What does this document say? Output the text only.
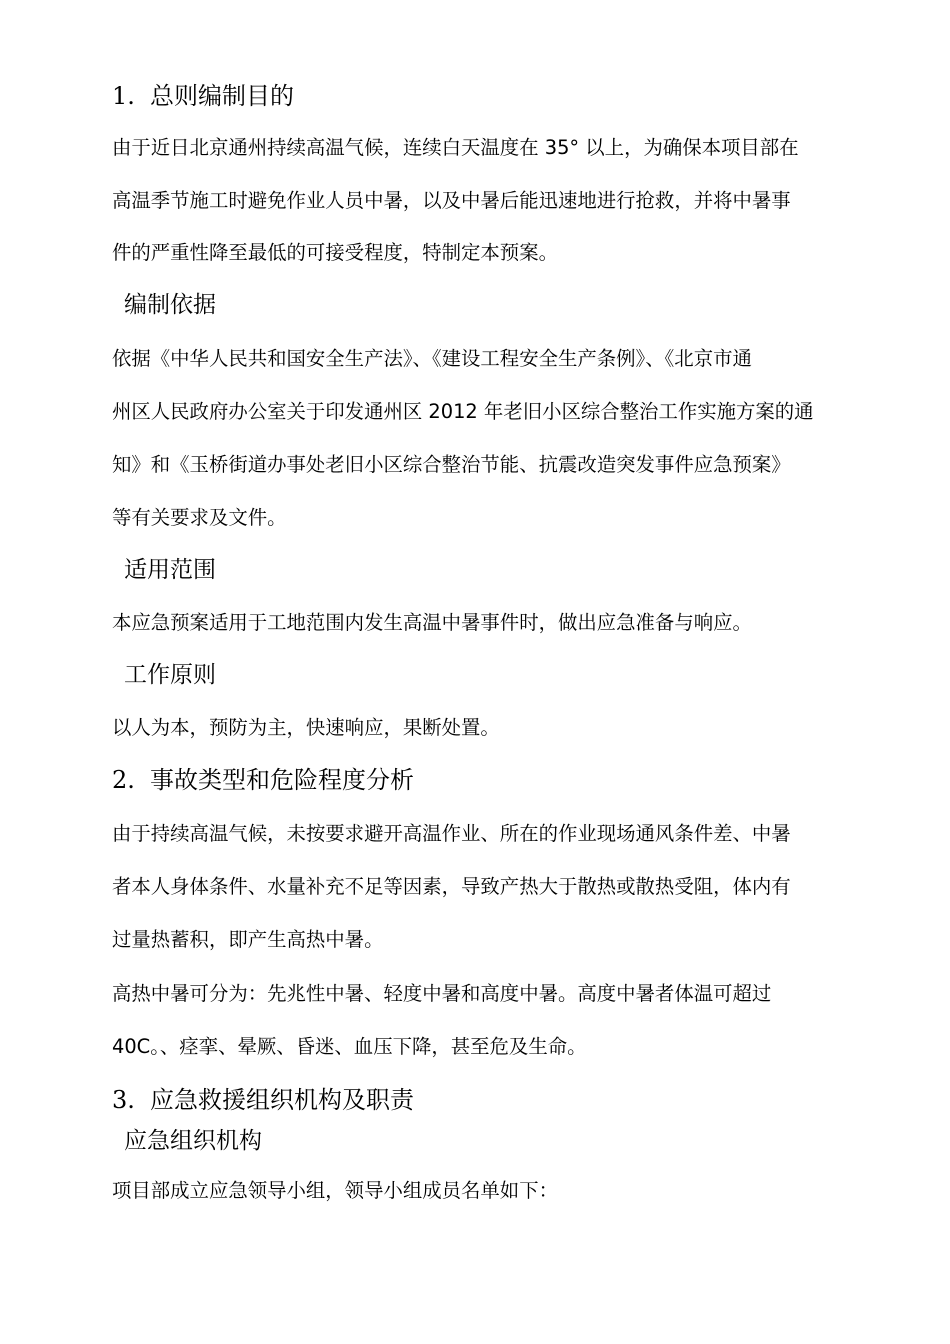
1. 总则编制目的

由于近日北京通州持续高温气候，连续白天温度在 35° 以上，为确保本项目部在

高温季节施工时避免作业人员中暑，以及中暑后能迅速地进行抢救，并将中暑事

件的严重性降至最低的可接受程度，特制定本预案。

编制依据

依据《中华人民共和国安全生产法》、《建设工程安全生产条例》、《北京市通

州区人民政府办公室关于印发通州区 2012 年老旧小区综合整治工作实施方案的通

知》和《玉桥街道办事处老旧小区综合整治节能、抗震改造突发事件应急预案》

等有关要求及文件。

适用范围

本应急预案适用于工地范围内发生高温中暑事件时，做出应急准备与响应。

工作原则

以人为本，预防为主，快速响应，果断处置。

2. 事故类型和危险程度分析

由于持续高温气候，未按要求避开高温作业、所在的作业现场通风条件差、中暑

者本人身体条件、水量补充不足等因素，导致产热大于散热或散热受阻，体内有

过量热蓄积，即产生高热中暑。

高热中暑可分为：先兆性中暑、轻度中暑和高度中暑。高度中暑者体温可超过

40C。、痉挛、晕厥、昏迷、血压下降，甚至危及生命。

3. 应急救援组织机构及职责
应急组织机构

项目部成立应急领导小组，领导小组成员名单如下：
